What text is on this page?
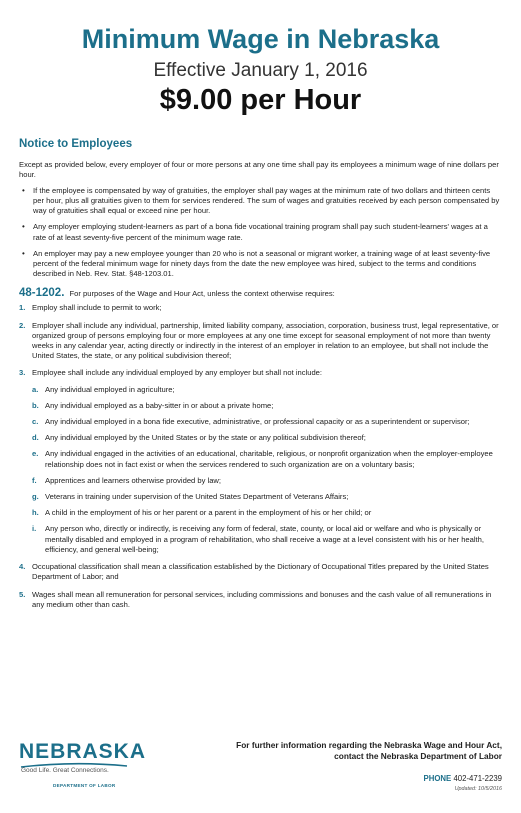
Minimum Wage in Nebraska
Effective January 1, 2016
$9.00 per Hour
Notice to Employees
Except as provided below, every employer of four or more persons at any one time shall pay its employees a minimum wage of nine dollars per hour.
• If the employee is compensated by way of gratuities, the employer shall pay wages at the minimum rate of two dollars and thirteen cents per hour, plus all gratuities given to them for services rendered. The sum of wages and gratuities received by each person compensated by way of gratuities shall equal or exceed nine per hour.
• Any employer employing student-learners as part of a bona fide vocational training program shall pay such student-learners' wages at a rate of at least seventy-five percent of the minimum wage rate.
• An employer may pay a new employee younger than 20 who is not a seasonal or migrant worker, a training wage of at least seventy-five percent of the federal minimum wage for ninety days from the date the new employee was hired, subject to the terms and conditions described in Neb. Rev. Stat. §48-1203.01.
48-1202. For purposes of the Wage and Hour Act, unless the context otherwise requires:
1. Employ shall include to permit to work;
2. Employer shall include any individual, partnership, limited liability company, association, corporation, business trust, legal representative, or organized group of persons employing four or more employees at any one time except for seasonal employment of not more than twenty weeks in any calendar year, acting directly or indirectly in the interest of an employer in relation to an employee, but shall not include the United States, the state, or any political subdivision thereof;
3. Employee shall include any individual employed by any employer but shall not include:
a. Any individual employed in agriculture;
b. Any individual employed as a baby-sitter in or about a private home;
c. Any individual employed in a bona fide executive, administrative, or professional capacity or as a superintendent or supervisor;
d. Any individual employed by the United States or by the state or any political subdivision thereof;
e. Any individual engaged in the activities of an educational, charitable, religious, or nonprofit organization when the employer-employee relationship does not in fact exist or when the services rendered to such organization are on a voluntary basis;
f. Apprentices and learners otherwise provided by law;
g. Veterans in training under supervision of the United States Department of Veterans Affairs;
h. A child in the employment of his or her parent or a parent in the employment of his or her child; or
i. Any person who, directly or indirectly, is receiving any form of federal, state, county, or local aid or welfare and who is physically or mentally disabled and employed in a program of rehabilitation, who shall receive a wage at a level consistent with his or her health, efficiency, and general well-being;
4. Occupational classification shall mean a classification established by the Dictionary of Occupational Titles prepared by the United States Department of Labor; and
5. Wages shall mean all remuneration for personal services, including commissions and bonuses and the cash value of all remunerations in any medium other than cash.
NEBRASKA
Good Life. Great Connections.
DEPARTMENT OF LABOR
For further information regarding the Nebraska Wage and Hour Act,
contact the Nebraska Department of Labor
PHONE 402-471-2239
Updated: 10/5/2016
